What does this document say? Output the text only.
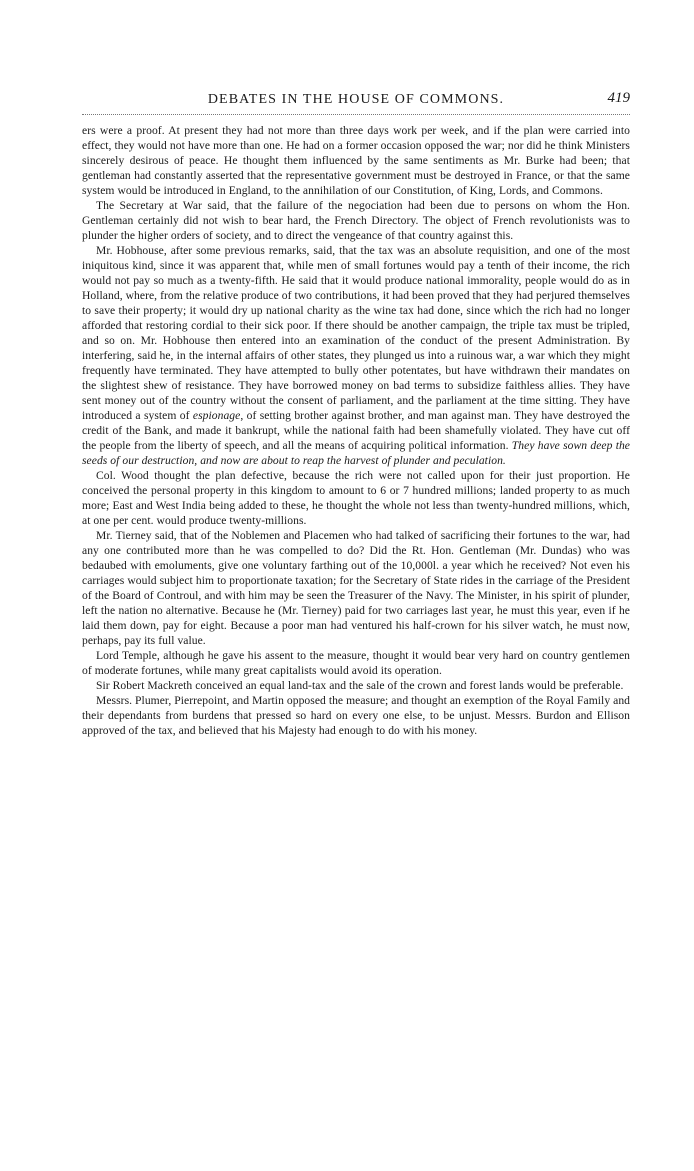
DEBATES IN THE HOUSE OF COMMONS.	419

ers were a proof. At present they had not more than three days work per week, and if the plan were carried into effect, they would not have more than one. He had on a former occasion opposed the war; nor did he think Ministers sincerely desirous of peace. He thought them influenced by the same sentiments as Mr. Burke had been; that gentleman had constantly asserted that the representative government must be destroyed in France, or that the same system would be introduced in England, to the annihilation of our Constitution, of King, Lords, and Commons.

The Secretary at War said, that the failure of the negociation had been due to persons on whom the Hon. Gentleman certainly did not wish to bear hard, the French Directory. The object of French revolutionists was to plunder the higher orders of society, and to direct the vengeance of that country against this.

Mr. Hobhouse, after some previous remarks, said, that the tax was an absolute requisition, and one of the most iniquitous kind, since it was apparent that, while men of small fortunes would pay a tenth of their income, the rich would not pay so much as a twenty-fifth. He said that it would produce national immorality, people would do as in Holland, where, from the relative produce of two contributions, it had been proved that they had perjured themselves to save their property; it would dry up national charity as the wine tax had done, since which the rich had no longer afforded that restoring cordial to their sick poor. If there should be another campaign, the triple tax must be tripled, and so on. Mr. Hobhouse then entered into an examination of the conduct of the present Administration. By interfering, said he, in the internal affairs of other states, they plunged us into a ruinous war, a war which they might frequently have terminated. They have attempted to bully other potentates, but have withdrawn their mandates on the slightest shew of resistance. They have borrowed money on bad terms to subsidize faithless allies. They have sent money out of the country without the consent of parliament, and the parliament at the time sitting. They have introduced a system of espionage, of setting brother against brother, and man against man. They have destroyed the credit of the Bank, and made it bankrupt, while the national faith had been shamefully violated. They have cut off the people from the liberty of speech, and all the means of acquiring political information. They have sown deep the seeds of our destruction, and now are about to reap the harvest of plunder and peculation.

Col. Wood thought the plan defective, because the rich were not called upon for their just proportion. He conceived the personal property in this kingdom to amount to 6 or 7 hundred millions; landed property to as much more; East and West India being added to these, he thought the whole not less than twenty-hundred millions, which, at one per cent. would produce twenty-millions.

Mr. Tierney said, that of the Noblemen and Placemen who had talked of sacrificing their fortunes to the war, had any one contributed more than he was compelled to do? Did the Rt. Hon. Gentleman (Mr. Dundas) who was bedaubed with emoluments, give one voluntary farthing out of the 10,000l. a year which he received? Not even his carriages would subject him to proportionate taxation; for the Secretary of State rides in the carriage of the President of the Board of Controul, and with him may be seen the Treasurer of the Navy. The Minister, in his spirit of plunder, left the nation no alternative. Because he (Mr. Tierney) paid for two carriages last year, he must this year, even if he laid them down, pay for eight. Because a poor man had ventured his half-crown for his silver watch, he must now, perhaps, pay its full value.

Lord Temple, although he gave his assent to the measure, thought it would bear very hard on country gentlemen of moderate fortunes, while many great capitalists would avoid its operation.

Sir Robert Mackreth conceived an equal land-tax and the sale of the crown and forest lands would be preferable.

Messrs. Plumer, Pierrepoint, and Martin opposed the measure; and thought an exemption of the Royal Family and their dependants from burdens that pressed so hard on every one else, to be unjust. Messrs. Burdon and Ellison approved of the tax, and believed that his Majesty had enough to do with his money.
